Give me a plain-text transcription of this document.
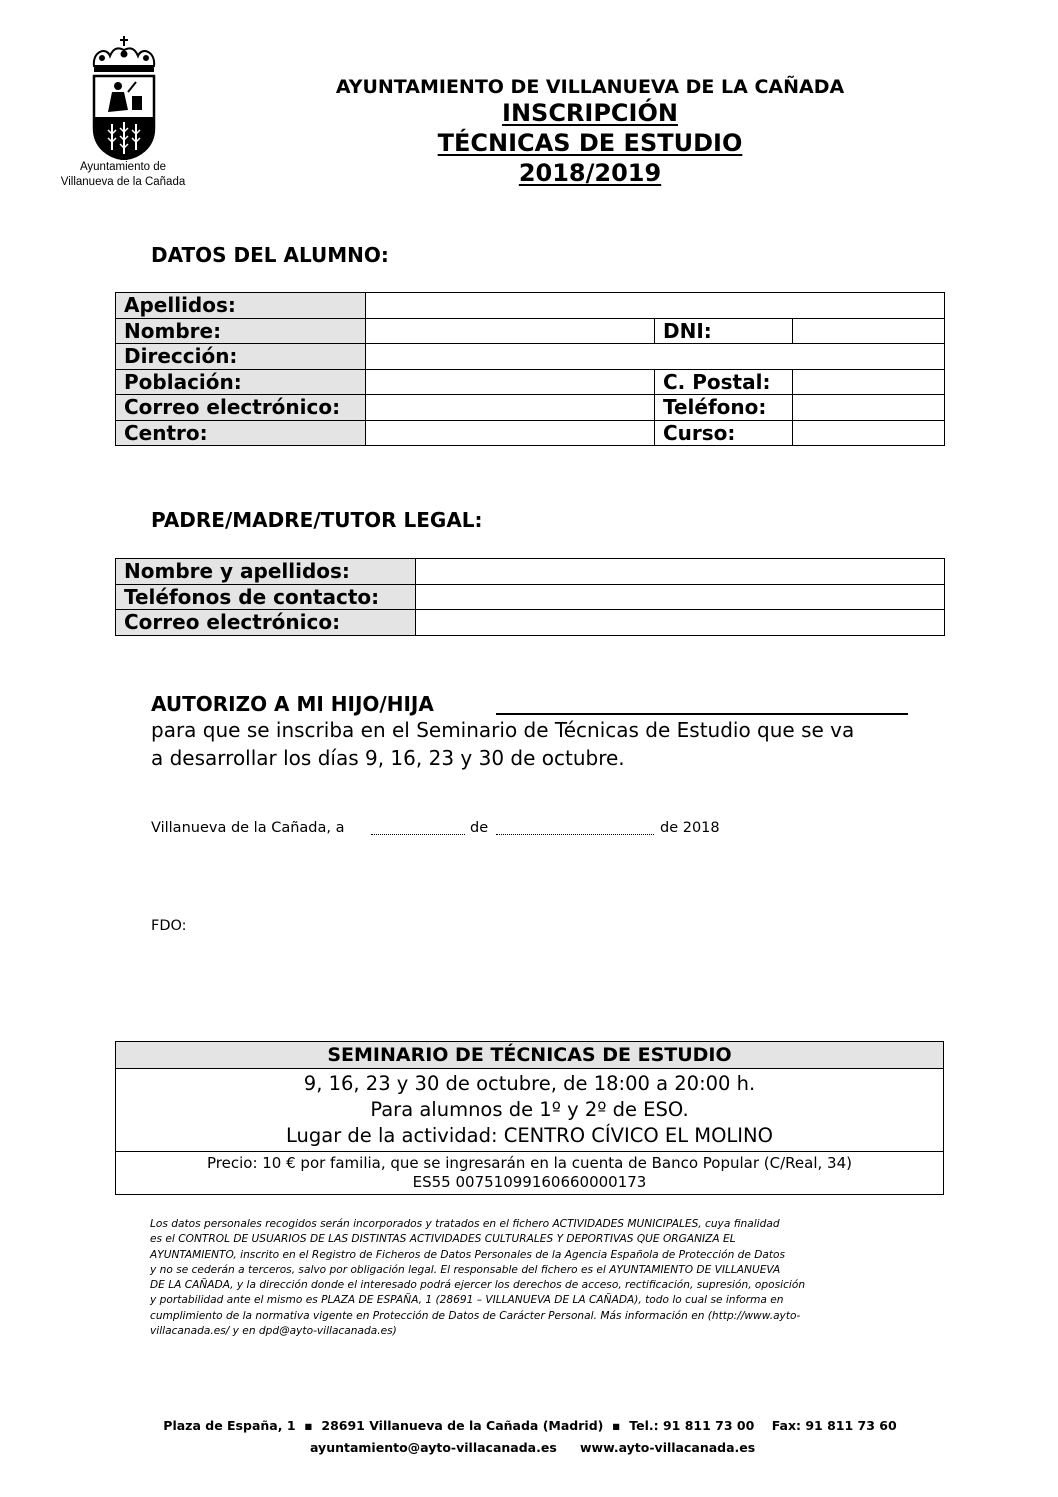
Ayuntamiento de
Villanueva de la Cañada
AYUNTAMIENTO DE VILLANUEVA DE LA CAÑADA
INSCRIPCIÓN
TÉCNICAS DE ESTUDIO
2018/2019
DATOS DEL ALUMNO:
Apellidos:			
Nombre:		DNI:	
Dirección:			
Población:		C. Postal:	
Correo electrónico:		Teléfono:	
Centro:		Curso:	
PADRE/MADRE/TUTOR LEGAL:
Nombre y apellidos:	
Teléfonos de contacto:	
Correo electrónico:	
AUTORIZO A MI HIJO/HIJA
para que se inscriba en el Seminario de Técnicas de Estudio que se va
a desarrollar los días 9, 16, 23 y 30 de octubre.
Villanueva de la Cañada, a	de	de 2018
FDO:
SEMINARIO DE TÉCNICAS DE ESTUDIO

9, 16, 23 y 30 de octubre, de 18:00 a 20:00 h.
Para alumnos de 1º y 2º de ESO.
Lugar de la actividad: CENTRO CÍVICO EL MOLINO

Precio: 10 € por familia, que se ingresarán en la cuenta de Banco Popular (C/Real, 34)
ES55 00751099160660000173
Los datos personales recogidos serán incorporados y tratados en el fichero ACTIVIDADES MUNICIPALES, cuya finalidad
es el CONTROL DE USUARIOS DE LAS DISTINTAS ACTIVIDADES CULTURALES Y DEPORTIVAS QUE ORGANIZA EL
AYUNTAMIENTO, inscrito en el Registro de Ficheros de Datos Personales de la Agencia Española de Protección de Datos
y no se cederán a terceros, salvo por obligación legal. El responsable del fichero es el AYUNTAMIENTO DE VILLANUEVA
DE LA CAÑADA, y la dirección donde el interesado podrá ejercer los derechos de acceso, rectificación, supresión, oposición
y portabilidad ante el mismo es PLAZA DE ESPAÑA, 1 (28691 – VILLANUEVA DE LA CAÑADA), todo lo cual se informa en
cumplimiento de la normativa vigente en Protección de Datos de Carácter Personal. Más información en (http://www.ayto-
villacanada.es/ y en dpd@ayto-villacanada.es)
Plaza de España, 1  ▪  28691 Villanueva de la Cañada (Madrid)  ▪  Tel.: 91 811 73 00    Fax: 91 811 73 60
ayuntamiento@ayto-villacanada.es www.ayto-villacanada.es
